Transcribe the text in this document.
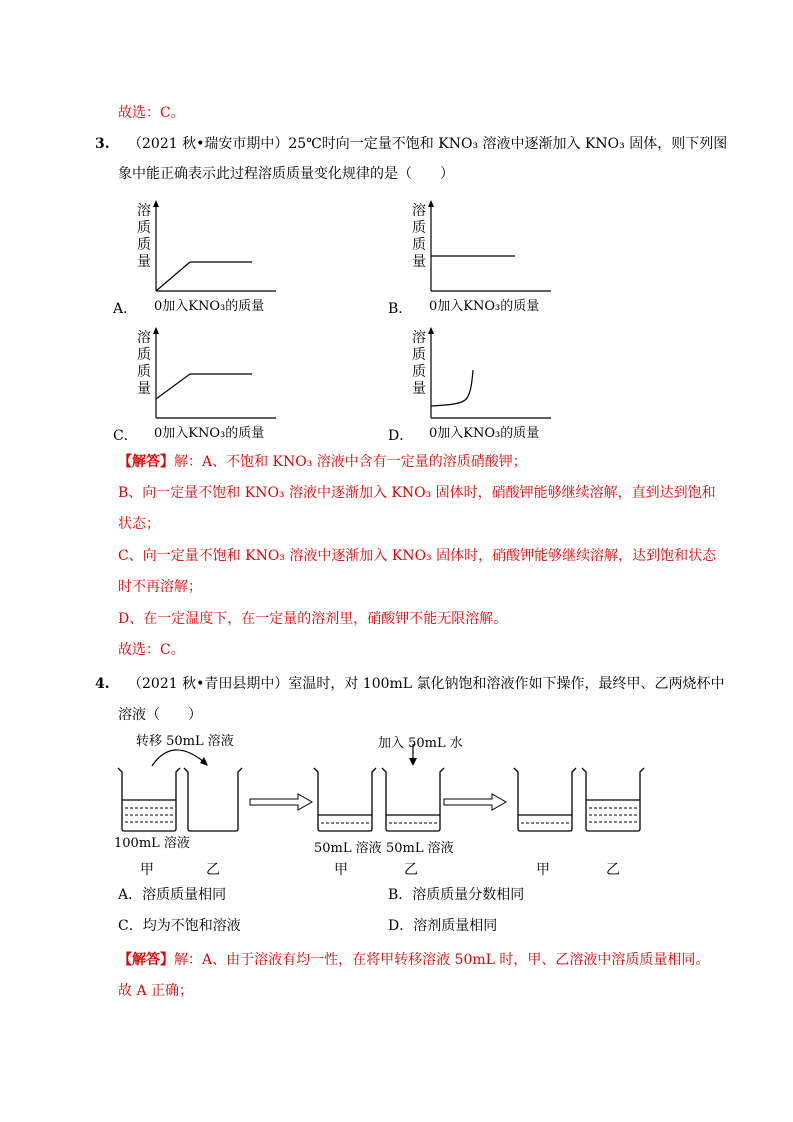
故选：C。
3. （2021 秋•瑞安市期中）25℃时向一定量不饱和 KNO₃ 溶液中逐渐加入 KNO₃ 固体，则下列图
象中能正确表示此过程溶质质量变化规律的是（　　）
溶
质
质
量
0加入KNO₃的质量
A．
溶
质
质
量
0加入KNO₃的质量
B．
溶
质
质
量
0加入KNO₃的质量
C．
溶
质
质
量
0加入KNO₃的质量
D．
【解答】解：A、不饱和 KNO₃ 溶液中含有一定量的溶质硝酸钾；
B、向一定量不饱和 KNO₃ 溶液中逐渐加入 KNO₃ 固体时，硝酸钾能够继续溶解，直到达到饱和
状态；
C、向一定量不饱和 KNO₃ 溶液中逐渐加入 KNO₃ 固体时，硝酸钾能够继续溶解，达到饱和状态
时不再溶解；
D、在一定温度下，在一定量的溶剂里，硝酸钾不能无限溶解。
故选：C。
4. （2021 秋•青田县期中）室温时，对 100mL 氯化钠饱和溶液作如下操作，最终甲、乙两烧杯中
溶液（　　）
转移 50mL 溶液	加入 50mL 水
100mL 溶液	50mL 溶液 50mL 溶液
甲	乙	甲	乙	甲	乙
A．溶质质量相同	B．溶质质量分数相同
C．均为不饱和溶液	D．溶剂质量相同
【解答】解：A、由于溶液有均一性，在将甲转移溶液 50mL 时，甲、乙溶液中溶质质量相同。
故 A 正确；
